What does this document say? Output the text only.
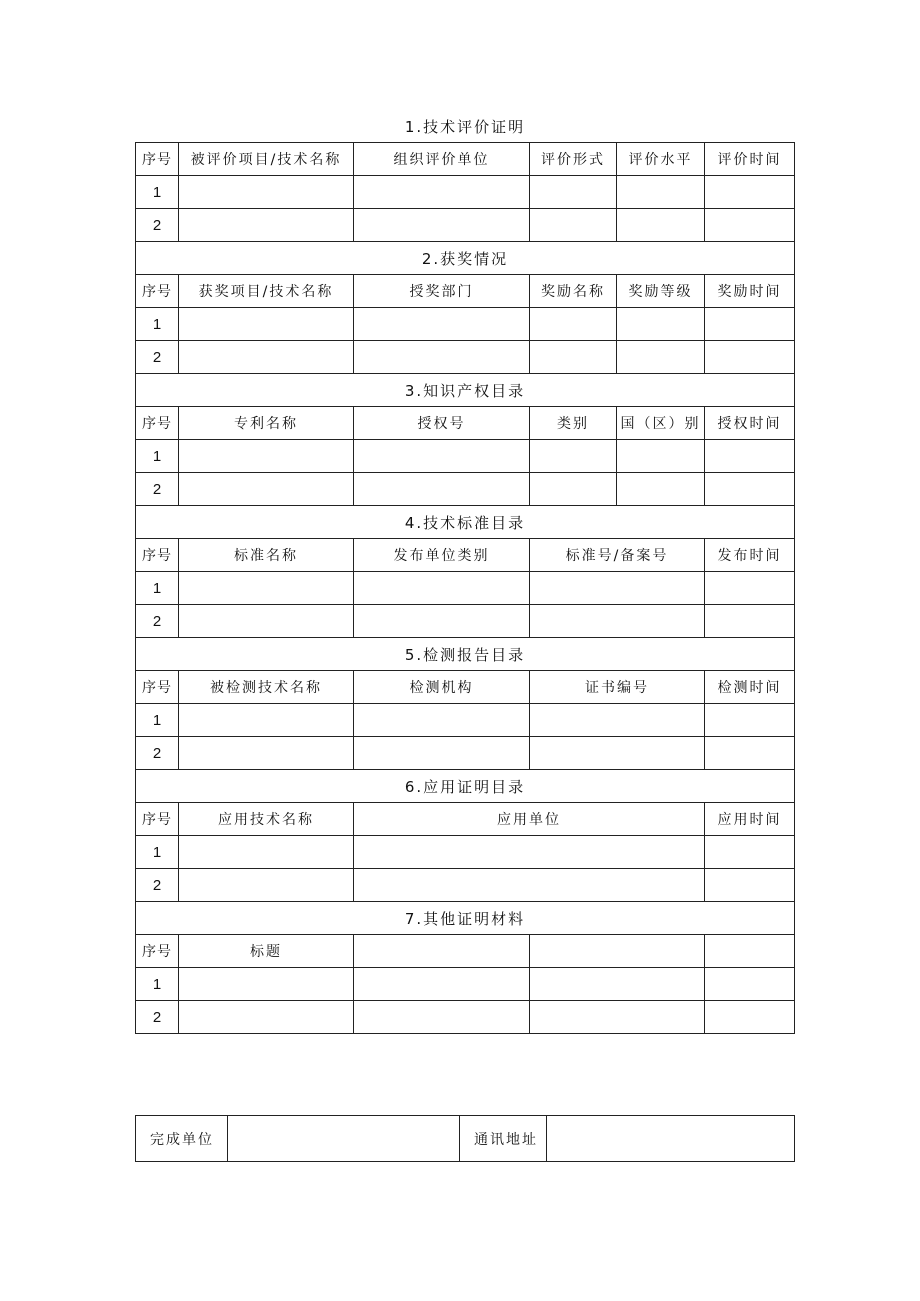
1.技术评价证明					
序号	被评价项目/技术名称	组织评价单位	评价形式	评价水平	评价时间
1					
2					
2.获奖情况					
序号	获奖项目/技术名称	授奖部门	奖励名称	奖励等级	奖励时间
1					
2					
3.知识产权目录					
序号	专利名称	授权号	类别	国（区）别	授权时间
1					
2					
4.技术标准目录					
序号	标准名称	发布单位类别	标准号/备案号		发布时间
1					
2					
5.检测报告目录					
序号	被检测技术名称	检测机构	证书编号		检测时间
1					
2					
6.应用证明目录					
序号	应用技术名称	应用单位			应用时间
1					
2					
7.其他证明材料					
序号	标题				
1					
2					
完成单位		通讯地址	
